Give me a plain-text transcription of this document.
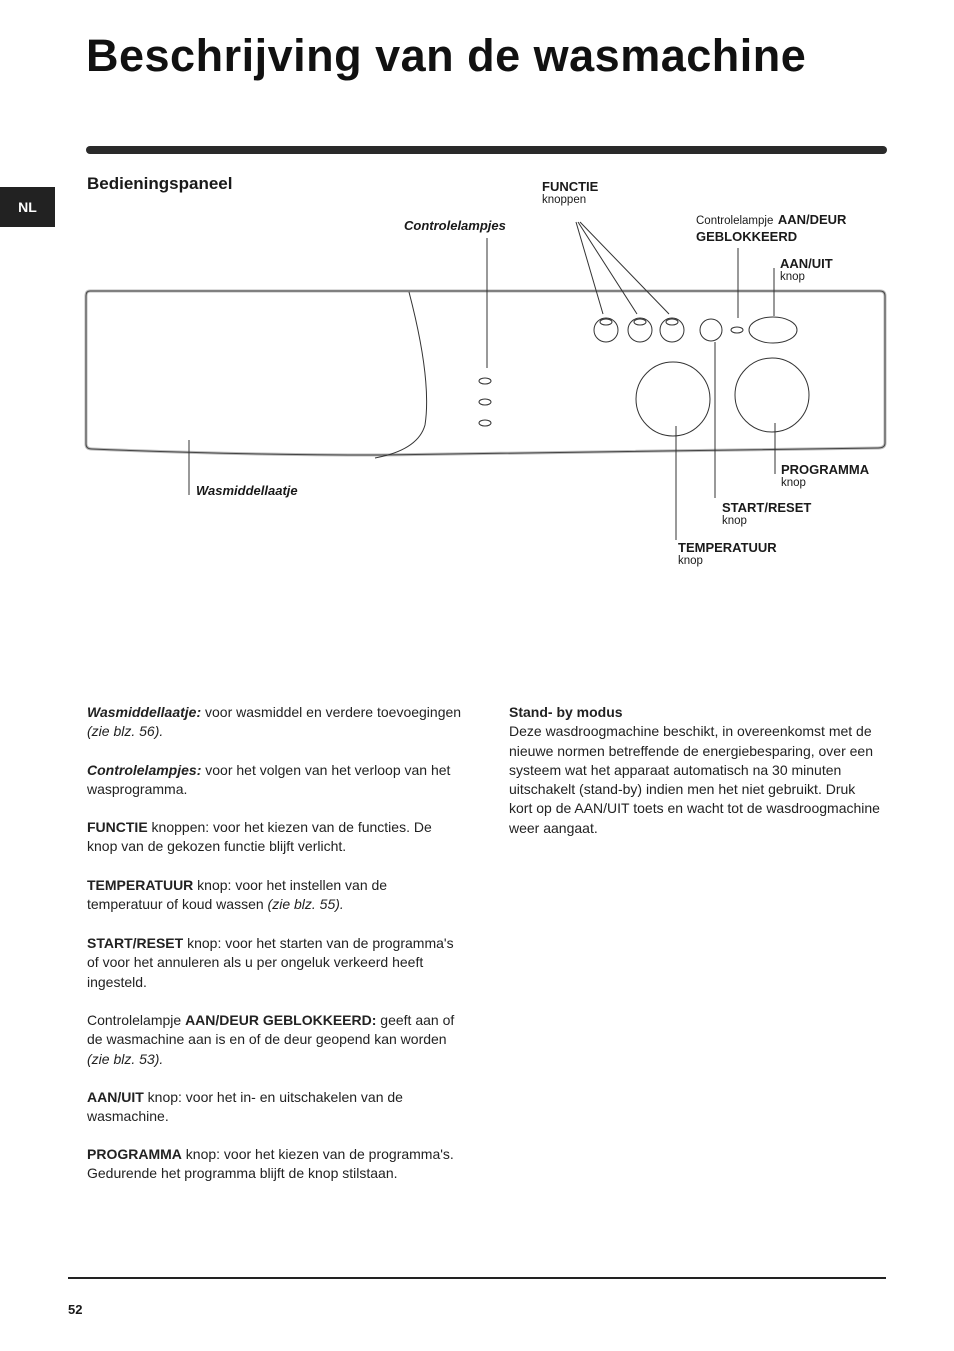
Beschrijving van de wasmachine
NL
Bedieningspaneel	FUNCTIE
knoppen
Controlelampjes	Controlelampje AAN/DEUR
GEBLOKKEERD
AAN/UIT
knop
PROGRAMMA
knop
START/RESET
knop
TEMPERATUUR
knop
Wasmiddellaatje

Wasmiddellaatje: voor wasmiddel en verdere toevoegingen (zie blz. 56).

Controlelampjes: voor het volgen van het verloop van het wasprogramma.

FUNCTIE knoppen: voor het kiezen van de functies. De knop van de gekozen functie blijft verlicht.

TEMPERATUUR knop: voor het instellen van de temperatuur of koud wassen (zie blz. 55).

START/RESET knop: voor het starten van de programma's of voor het annuleren als u per ongeluk verkeerd heeft ingesteld.

Controlelampje AAN/DEUR GEBLOKKEERD: geeft aan of de wasmachine aan is en of de deur geopend kan worden (zie blz. 53).

AAN/UIT knop: voor het in- en uitschakelen van de wasmachine.

PROGRAMMA knop: voor het kiezen van de programma's. Gedurende het programma blijft de knop stilstaan.

Stand- by modus

Deze wasdroogmachine beschikt, in overeenkomst met de nieuwe normen betreffende de energiebesparing, over een systeem wat het apparaat automatisch na 30 minuten uitschakelt (stand-by) indien men het niet gebruikt. Druk kort op de AAN/UIT toets en wacht tot de wasdroogmachine weer aangaat.

52
